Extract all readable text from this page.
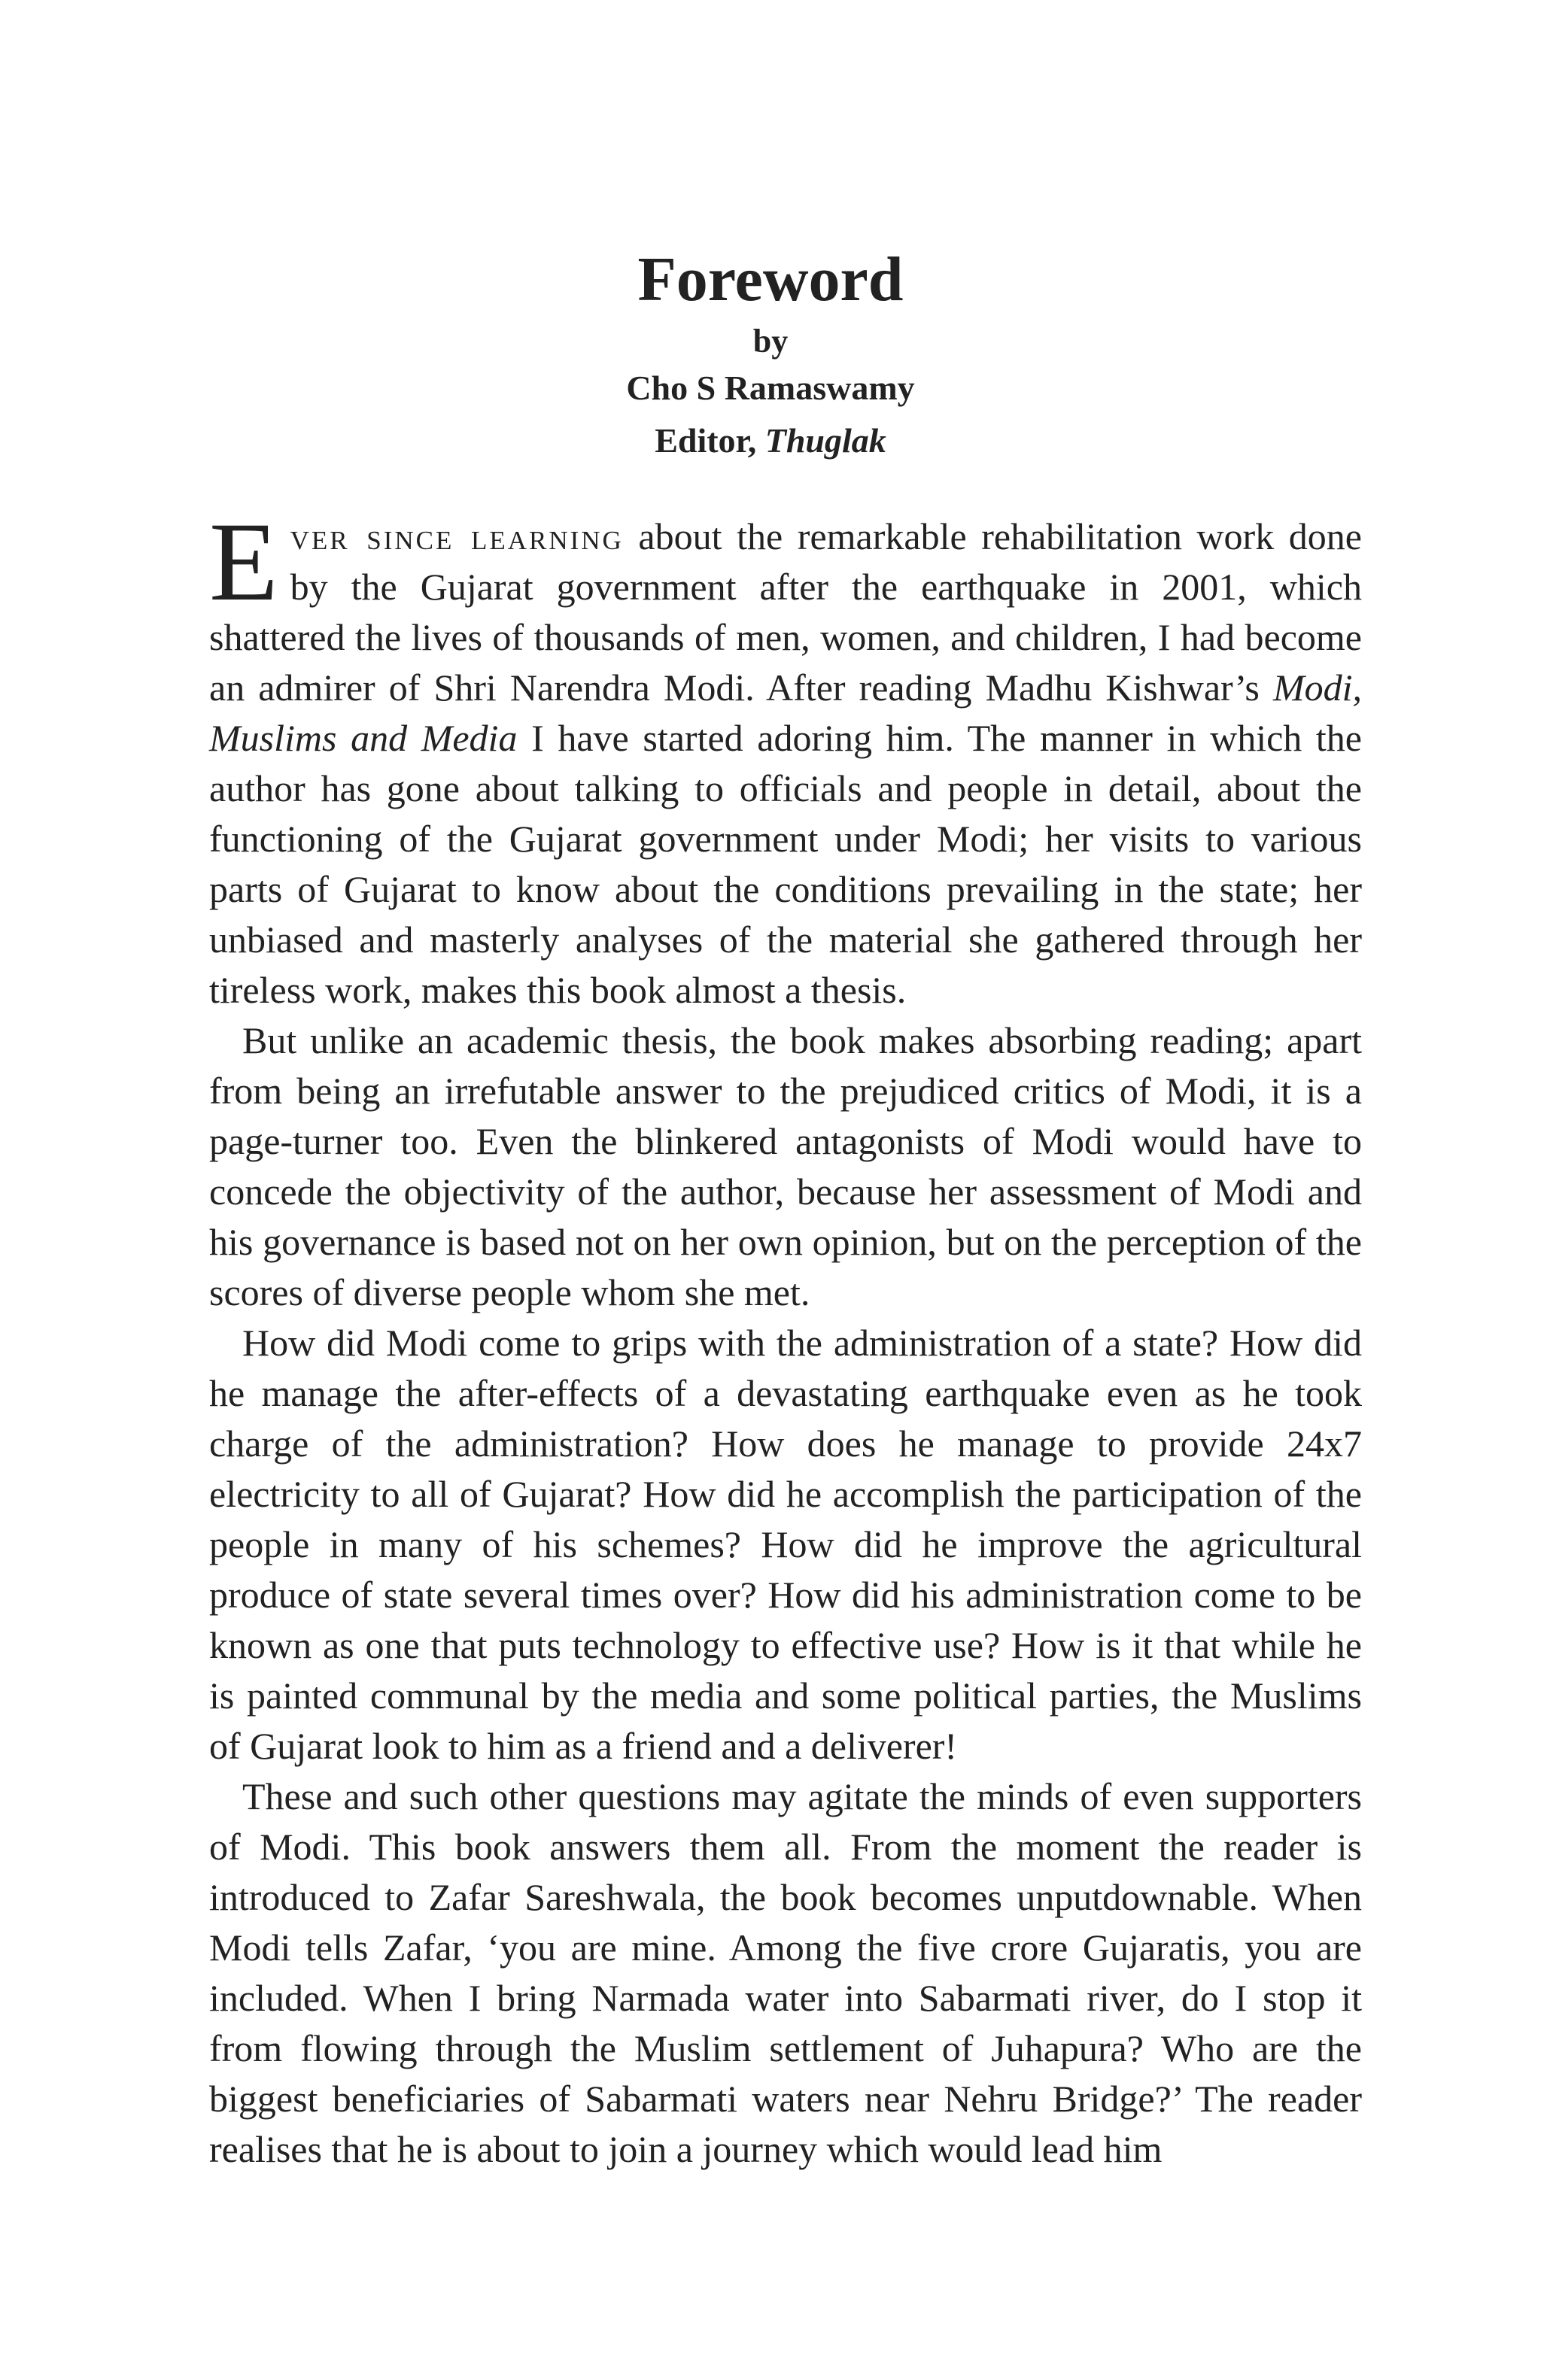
Foreword
by
Cho S Ramaswamy
Editor, Thuglak

Ever since learning about the remarkable rehabilitation work done by the Gujarat government after the earthquake in 2001, which shattered the lives of thousands of men, women, and children, I had become an admirer of Shri Narendra Modi. After reading Madhu Kishwar’s Modi, Muslims and Media I have started adoring him. The manner in which the author has gone about talking to officials and people in detail, about the functioning of the Gujarat government under Modi; her visits to various parts of Gujarat to know about the conditions prevailing in the state; her unbiased and masterly analyses of the material she gathered through her tireless work, makes this book almost a thesis.

But unlike an academic thesis, the book makes absorbing reading; apart from being an irrefutable answer to the prejudiced critics of Modi, it is a page-turner too. Even the blinkered antagonists of Modi would have to concede the objectivity of the author, because her assessment of Modi and his governance is based not on her own opinion, but on the perception of the scores of diverse people whom she met.

How did Modi come to grips with the administration of a state? How did he manage the after-effects of a devastating earthquake even as he took charge of the administration? How does he manage to provide 24x7 electricity to all of Gujarat? How did he accomplish the participation of the people in many of his schemes? How did he improve the agricultural produce of state several times over? How did his administration come to be known as one that puts technology to effective use? How is it that while he is painted communal by the media and some political parties, the Muslims of Gujarat look to him as a friend and a deliverer!

These and such other questions may agitate the minds of even supporters of Modi. This book answers them all. From the moment the reader is introduced to Zafar Sareshwala, the book becomes unputdownable. When Modi tells Zafar, ‘you are mine. Among the five crore Gujaratis, you are included. When I bring Narmada water into Sabarmati river, do I stop it from flowing through the Muslim settlement of Juhapura? Who are the biggest beneficiaries of Sabarmati waters near Nehru Bridge?’ The reader realises that he is about to join a journey which would lead him
